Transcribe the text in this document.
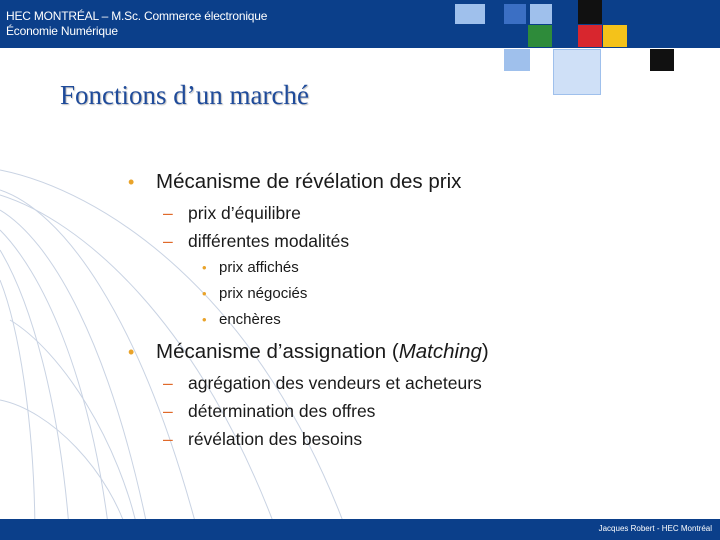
HEC MONTRÉAL – M.Sc. Commerce électronique
Économie Numérique
Fonctions d’un marché
• Mécanisme de révélation des prix
– prix d’équilibre
– différentes modalités
• prix affichés
• prix négociés
• enchères
• Mécanisme d’assignation (Matching)
– agrégation des vendeurs et acheteurs
– détermination des offres
– révélation des besoins
Jacques Robert - HEC Montréal
